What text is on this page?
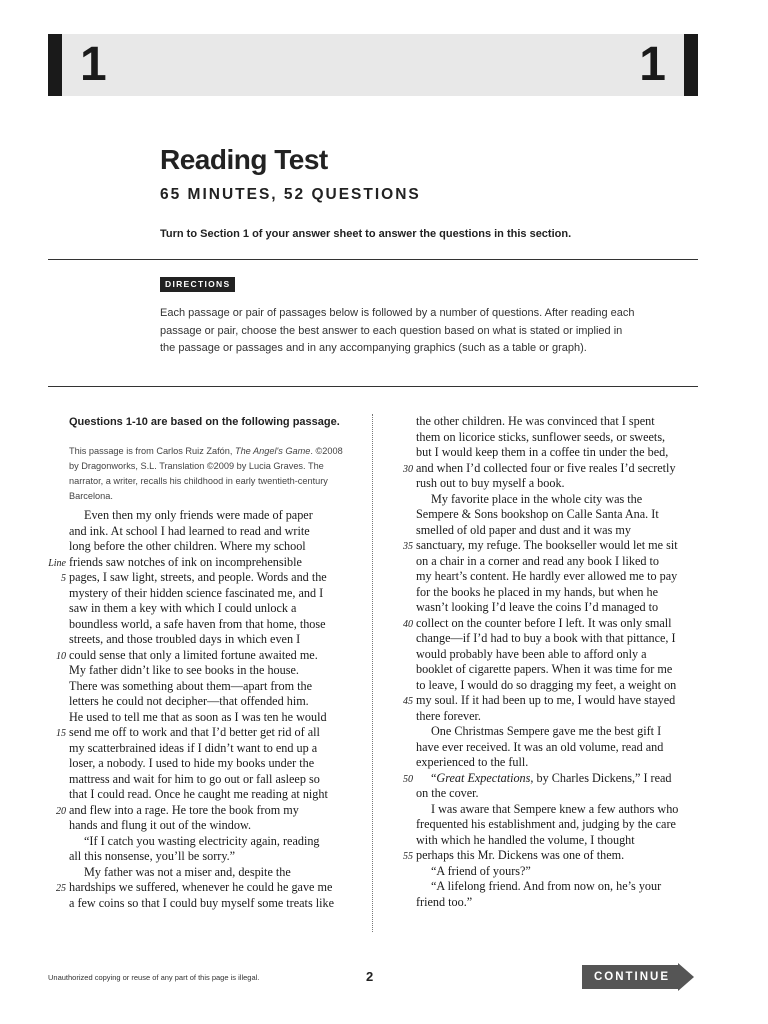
1	1
Reading Test
65 MINUTES, 52 QUESTIONS
Turn to Section 1 of your answer sheet to answer the questions in this section.
DIRECTIONS
Each passage or pair of passages below is followed by a number of questions. After reading each passage or pair, choose the best answer to each question based on what is stated or implied in the passage or passages and in any accompanying graphics (such as a table or graph).
Questions 1-10 are based on the following passage.
This passage is from Carlos Ruiz Zafón, The Angel's Game. ©2008 by Dragonworks, S.L. Translation ©2009 by Lucia Graves. The narrator, a writer, recalls his childhood in early twentieth-century Barcelona.
Even then my only friends were made of paper
and ink. At school I had learned to read and write
long before the other children. Where my school
Line friends saw notches of ink on incomprehensible
5 pages, I saw light, streets, and people. Words and the
mystery of their hidden science fascinated me, and I
saw in them a key with which I could unlock a
boundless world, a safe haven from that home, those
streets, and those troubled days in which even I
10 could sense that only a limited fortune awaited me.
My father didn’t like to see books in the house.
There was something about them—apart from the
letters he could not decipher—that offended him.
He used to tell me that as soon as I was ten he would
15 send me off to work and that I’d better get rid of all
my scatterbrained ideas if I didn’t want to end up a
loser, a nobody. I used to hide my books under the
mattress and wait for him to go out or fall asleep so
that I could read. Once he caught me reading at night
20 and flew into a rage. He tore the book from my
hands and flung it out of the window.
“If I catch you wasting electricity again, reading
all this nonsense, you’ll be sorry.”
My father was not a miser and, despite the
25 hardships we suffered, whenever he could he gave me
a few coins so that I could buy myself some treats like
the other children. He was convinced that I spent
them on licorice sticks, sunflower seeds, or sweets,
but I would keep them in a coffee tin under the bed,
30 and when I’d collected four or five reales I’d secretly
rush out to buy myself a book.
My favorite place in the whole city was the
Sempere & Sons bookshop on Calle Santa Ana. It
smelled of old paper and dust and it was my
35 sanctuary, my refuge. The bookseller would let me sit
on a chair in a corner and read any book I liked to
my heart’s content. He hardly ever allowed me to pay
for the books he placed in my hands, but when he
wasn’t looking I’d leave the coins I’d managed to
40 collect on the counter before I left. It was only small
change—if I’d had to buy a book with that pittance, I
would probably have been able to afford only a
booklet of cigarette papers. When it was time for me
to leave, I would do so dragging my feet, a weight on
45 my soul. If it had been up to me, I would have stayed
there forever.
One Christmas Sempere gave me the best gift I
have ever received. It was an old volume, read and
experienced to the full.
50 “Great Expectations, by Charles Dickens,” I read
on the cover.
I was aware that Sempere knew a few authors who
frequented his establishment and, judging by the care
with which he handled the volume, I thought
55 perhaps this Mr. Dickens was one of them.
“A friend of yours?”
“A lifelong friend. And from now on, he’s your
friend too.”
Unauthorized copying or reuse of any part of this page is illegal.	2	CONTINUE
